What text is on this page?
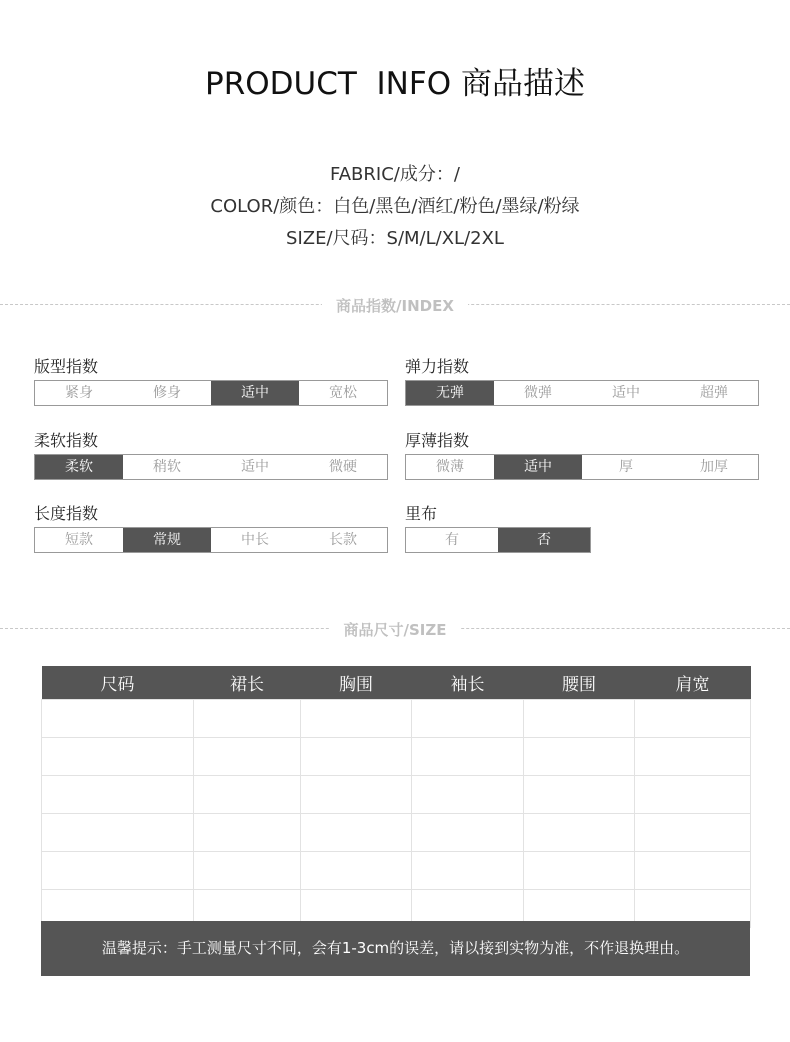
PRODUCT  INFO 商品描述
FABRIC/成分：/
COLOR/颜色：白色/黑色/酒红/粉色/墨绿/粉绿
SIZE/尺码：S/M/L/XL/2XL
商品指数/INDEX
版型指数
紧身	修身	适中	宽松
弹力指数
无弹	微弹	适中	超弹
柔软指数
柔软	稍软	适中	微硬
厚薄指数
微薄	适中	厚	加厚
长度指数
短款	常规	中长	长款
里布
有	否
商品尺寸/SIZE
尺码	裙长	胸围	袖长	腰围	肩宽

温馨提示：手工测量尺寸不同，会有1-3cm的误差，请以接到实物为准，不作退换理由。
